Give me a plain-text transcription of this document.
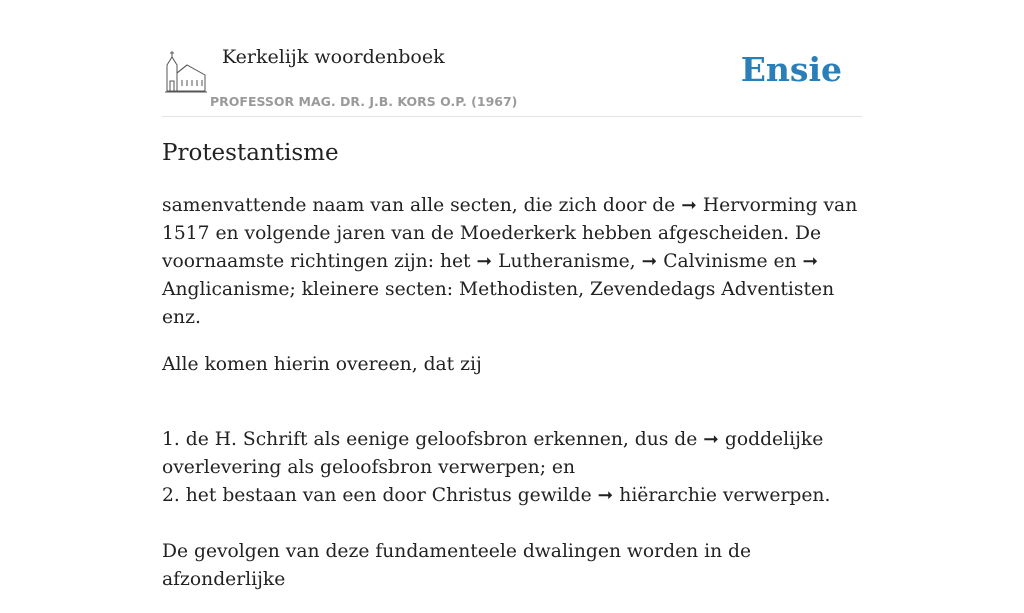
Kerkelijk woordenboek
PROFESSOR MAG. DR. J.B. KORS O.P. (1967)
Ensie
Protestantisme

samenvattende naam van alle secten, die zich door de ➞ Hervorming van 1517 en volgende jaren van de Moederkerk hebben afgescheiden. De voornaamste richtingen zijn: het ➞ Lutheranisme, ➞ Calvinisme en ➞ Anglicanisme; kleinere secten: Methodisten, Zevendedags Adventisten enz.

Alle komen hierin overeen, dat zij

1. de H. Schrift als eenige geloofsbron erkennen, dus de ➞ goddelijke overlevering als geloofsbron verwerpen; en
2. het bestaan van een door Christus gewilde ➞ hiërarchie verwerpen.

De gevolgen van deze fundamenteele dwalingen worden in de afzonderlijke
